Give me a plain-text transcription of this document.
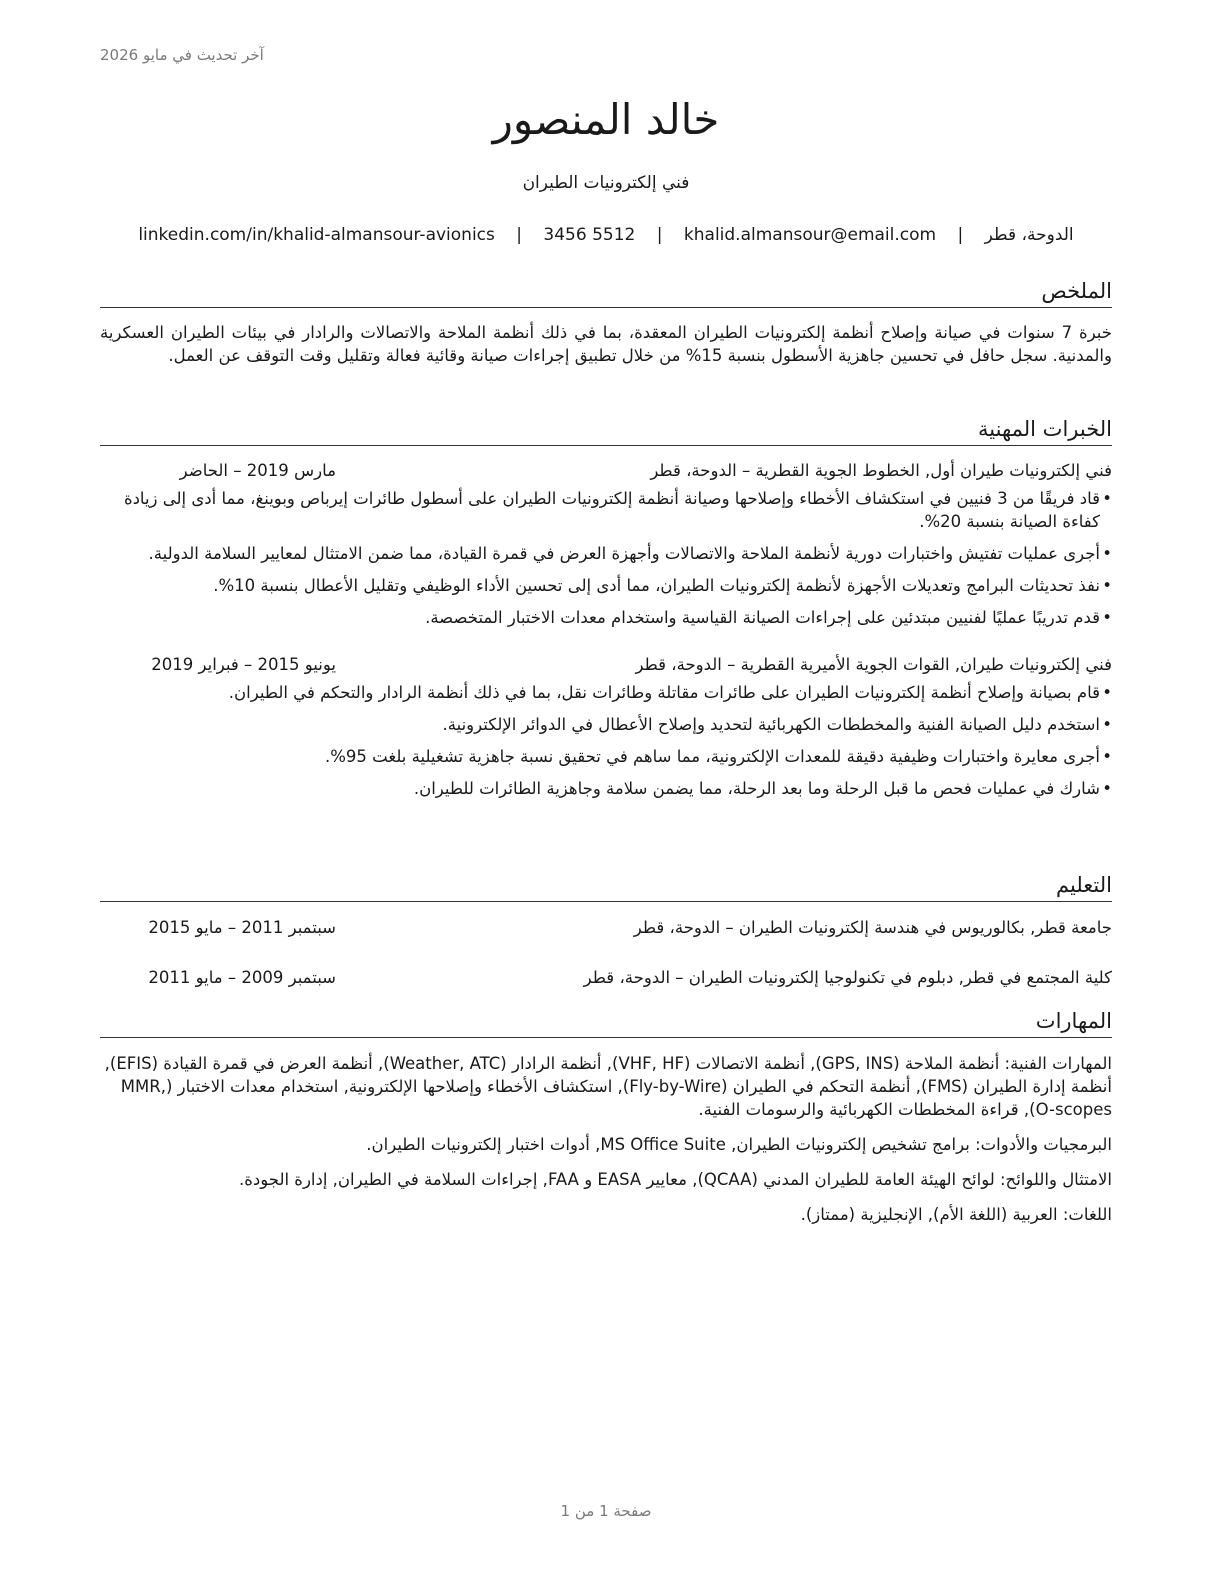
آخر تحديث في مايو 2026
خالد المنصور
فني إلكترونيات الطيران
الدوحة، قطر | khalid.almansour@email.com | 3456 5512 | linkedin.com/in/khalid-almansour-avionics
الملخص

خبرة 7 سنوات في صيانة وإصلاح أنظمة إلكترونيات الطيران المعقدة، بما في ذلك أنظمة الملاحة والاتصالات والرادار في بيئات الطيران العسكرية والمدنية. سجل حافل في تحسين جاهزية الأسطول بنسبة 15% من خلال تطبيق إجراءات صيانة وقائية فعالة وتقليل وقت التوقف عن العمل.

الخبرات المهنية
فني إلكترونيات طيران أول, الخطوط الجوية القطرية – الدوحة، قطر
مارس 2019 – الحاضر
• قاد فريقًا من 3 فنيين في استكشاف الأخطاء وإصلاحها وصيانة أنظمة إلكترونيات الطيران على أسطول طائرات إيرباص وبوينغ، مما أدى إلى زيادة كفاءة الصيانة بنسبة 20%.
• أجرى عمليات تفتيش واختبارات دورية لأنظمة الملاحة والاتصالات وأجهزة العرض في قمرة القيادة، مما ضمن الامتثال لمعايير السلامة الدولية.
• نفذ تحديثات البرامج وتعديلات الأجهزة لأنظمة إلكترونيات الطيران، مما أدى إلى تحسين الأداء الوظيفي وتقليل الأعطال بنسبة 10%.
• قدم تدريبًا عمليًا لفنيين مبتدئين على إجراءات الصيانة القياسية واستخدام معدات الاختبار المتخصصة.
فني إلكترونيات طيران, القوات الجوية الأميرية القطرية – الدوحة، قطر
يونيو 2015 – فبراير 2019
• قام بصيانة وإصلاح أنظمة إلكترونيات الطيران على طائرات مقاتلة وطائرات نقل، بما في ذلك أنظمة الرادار والتحكم في الطيران.
• استخدم دليل الصيانة الفنية والمخططات الكهربائية لتحديد وإصلاح الأعطال في الدوائر الإلكترونية.
• أجرى معايرة واختبارات وظيفية دقيقة للمعدات الإلكترونية، مما ساهم في تحقيق نسبة جاهزية تشغيلية بلغت 95%.
• شارك في عمليات فحص ما قبل الرحلة وما بعد الرحلة، مما يضمن سلامة وجاهزية الطائرات للطيران.
التعليم
جامعة قطر, بكالوريوس في هندسة إلكترونيات الطيران – الدوحة، قطر
سبتمبر 2011 – مايو 2015
كلية المجتمع في قطر, دبلوم في تكنولوجيا إلكترونيات الطيران – الدوحة، قطر
سبتمبر 2009 – مايو 2011
المهارات

المهارات الفنية: أنظمة الملاحة (GPS, INS), أنظمة الاتصالات (VHF, HF), أنظمة الرادار (Weather, ATC), أنظمة العرض في قمرة القيادة (EFIS), أنظمة إدارة الطيران (FMS), أنظمة التحكم في الطيران (Fly-by-Wire), استكشاف الأخطاء وإصلاحها الإلكترونية, استخدام معدات الاختبار (MMR, O-scopes), قراءة المخططات الكهربائية والرسومات الفنية.

البرمجيات والأدوات: برامج تشخيص إلكترونيات الطيران, MS Office Suite, أدوات اختبار إلكترونيات الطيران.

الامتثال واللوائح: لوائح الهيئة العامة للطيران المدني (QCAA), معايير EASA و FAA, إجراءات السلامة في الطيران, إدارة الجودة.

اللغات: العربية (اللغة الأم), الإنجليزية (ممتاز).

صفحة 1 من 1
